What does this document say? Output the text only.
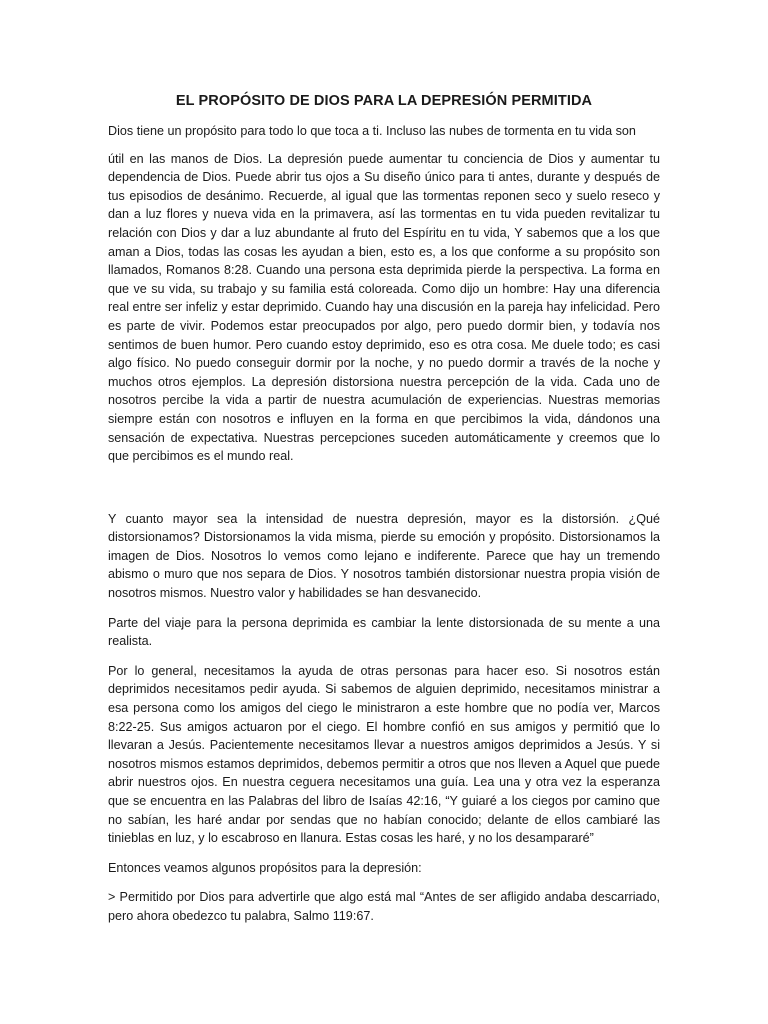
EL PROPÓSITO DE DIOS PARA LA DEPRESIÓN PERMITIDA

Dios tiene un propósito para todo lo que toca a ti. Incluso las nubes de tormenta en tu vida son

útil en las manos de Dios. La depresión puede aumentar tu conciencia de Dios y aumentar tu dependencia de Dios. Puede abrir tus ojos a Su diseño único para ti antes, durante y después de tus episodios de desánimo. Recuerde, al igual que las tormentas reponen seco y suelo reseco y dan a luz flores y nueva vida en la primavera, así las tormentas en tu vida pueden revitalizar tu relación con Dios y dar a luz abundante al fruto del Espíritu en tu vida, Y sabemos que a los que aman a Dios, todas las cosas les ayudan a bien, esto es, a los que conforme a su propósito son llamados, Romanos 8:28. Cuando una persona esta deprimida pierde la perspectiva. La forma en que ve su vida, su trabajo y su familia está coloreada. Como dijo un hombre: Hay una diferencia real entre ser infeliz y estar deprimido. Cuando hay una discusión en la pareja hay infelicidad. Pero es parte de vivir. Podemos estar preocupados por algo, pero puedo dormir bien, y todavía nos sentimos de buen humor. Pero cuando estoy deprimido, eso es otra cosa. Me duele todo; es casi algo físico. No puedo conseguir dormir por la noche, y no puedo dormir a través de la noche y muchos otros ejemplos. La depresión distorsiona nuestra percepción de la vida. Cada uno de nosotros percibe la vida a partir de nuestra acumulación de experiencias. Nuestras memorias siempre están con nosotros e influyen en la forma en que percibimos la vida, dándonos una sensación de expectativa. Nuestras percepciones suceden automáticamente y creemos que lo que percibimos es el mundo real.

Y cuanto mayor sea la intensidad de nuestra depresión, mayor es la distorsión. ¿Qué distorsionamos? Distorsionamos la vida misma, pierde su emoción y propósito. Distorsionamos la imagen de Dios. Nosotros lo vemos como lejano e indiferente. Parece que hay un tremendo abismo o muro que nos separa de Dios. Y nosotros también distorsionar nuestra propia visión de nosotros mismos. Nuestro valor y habilidades se han desvanecido.

Parte del viaje para la persona deprimida es cambiar la lente distorsionada de su mente a una realista.

Por lo general, necesitamos la ayuda de otras personas para hacer eso. Si nosotros están deprimidos necesitamos pedir ayuda. Si sabemos de alguien deprimido, necesitamos ministrar a esa persona como los amigos del ciego le ministraron a este hombre que no podía ver, Marcos 8:22-25. Sus amigos actuaron por el ciego. El hombre confió en sus amigos y permitió que lo llevaran a Jesús. Pacientemente necesitamos llevar a nuestros amigos deprimidos a Jesús. Y si nosotros mismos estamos deprimidos, debemos permitir a otros que nos lleven a Aquel que puede abrir nuestros ojos. En nuestra ceguera necesitamos una guía. Lea una y otra vez la esperanza que se encuentra en las Palabras del libro de Isaías 42:16, “Y guiaré a los ciegos por camino que no sabían, les haré andar por sendas que no habían conocido; delante de ellos cambiaré las tinieblas en luz, y lo escabroso en llanura. Estas cosas les haré, y no los desampararé”

Entonces veamos algunos propósitos para la depresión:

> Permitido por Dios para advertirle que algo está mal “Antes de ser afligido andaba descarriado, pero ahora obedezco tu palabra, Salmo 119:67.
